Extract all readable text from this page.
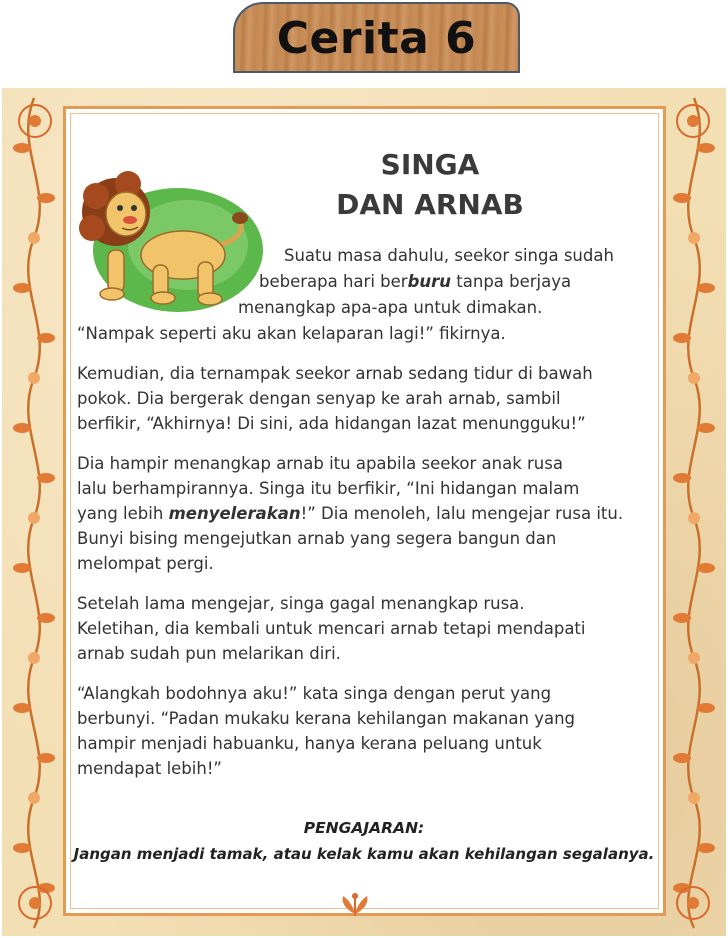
Cerita 6
SINGA
DAN ARNAB
Suatu masa dahulu, seekor singa sudah
beberapa hari berburu tanpa berjaya
menangkap apa-apa untuk dimakan.
“Nampak seperti aku akan kelaparan lagi!” fikirnya.
Kemudian, dia ternampak seekor arnab sedang tidur di bawah
pokok. Dia bergerak dengan senyap ke arah arnab, sambil
berfikir, “Akhirnya! Di sini, ada hidangan lazat menungguku!”
Dia hampir menangkap arnab itu apabila seekor anak rusa
lalu berhampirannya. Singa itu berfikir, “Ini hidangan malam
yang lebih menyelerakan!” Dia menoleh, lalu mengejar rusa itu.
Bunyi bising mengejutkan arnab yang segera bangun dan
melompat pergi.
Setelah lama mengejar, singa gagal menangkap rusa.
Keletihan, dia kembali untuk mencari arnab tetapi mendapati
arnab sudah pun melarikan diri.
“Alangkah bodohnya aku!” kata singa dengan perut yang
berbunyi. “Padan mukaku kerana kehilangan makanan yang
hampir menjadi habuanku, hanya kerana peluang untuk
mendapat lebih!”
PENGAJARAN:
Jangan menjadi tamak, atau kelak kamu akan kehilangan segalanya.
